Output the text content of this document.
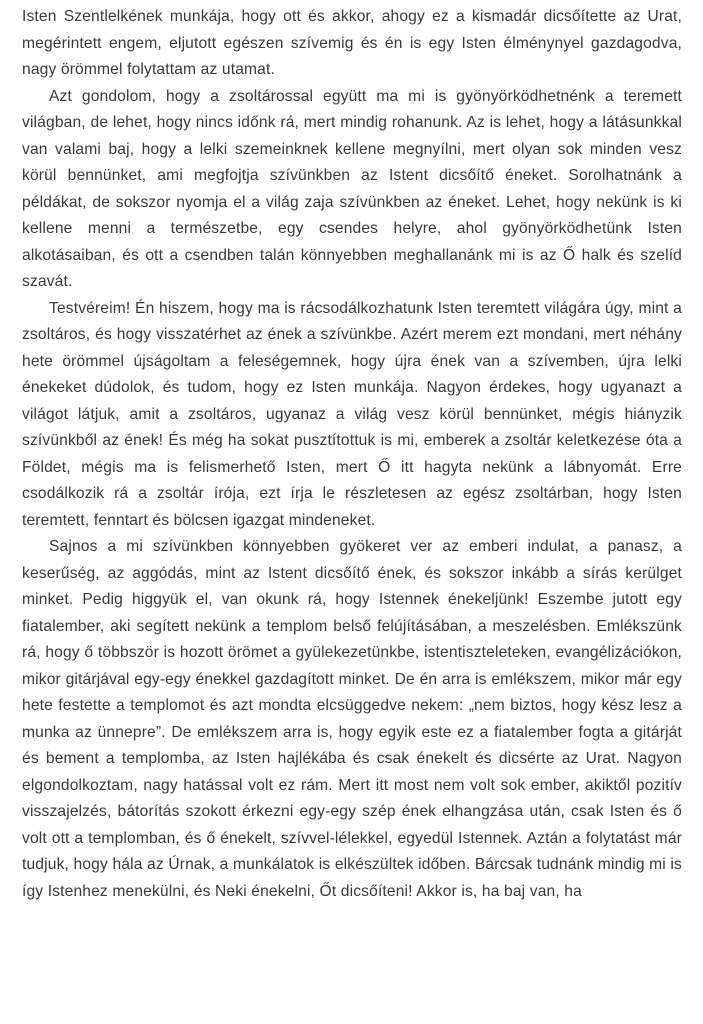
Isten Szentlelkének munkája, hogy ott és akkor, ahogy ez a kismadár dicsőítette az Urat, megérintett engem, eljutott egészen szívemig és én is egy Isten élménynyel gazdagodva, nagy örömmel folytattam az utamat.

Azt gondolom, hogy a zsoltárossal együtt ma mi is gyönyörködhetnénk a teremett világban, de lehet, hogy nincs időnk rá, mert mindig rohanunk. Az is lehet, hogy a látásunkkal van valami baj, hogy a lelki szemeinknek kellene megnyílni, mert olyan sok minden vesz körül bennünket, ami megfojtja szívünkben az Istent dicsőítő éneket. Sorolhatnánk a példákat, de sokszor nyomja el a világ zaja szívünkben az éneket. Lehet, hogy nekünk is ki kellene menni a természetbe, egy csendes helyre, ahol gyönyörködhetünk Isten alkotásaiban, és ott a csendben talán könnyebben meghallanánk mi is az Ő halk és szelíd szavát.

Testvéreim! Én hiszem, hogy ma is rácsodálkozhatunk Isten teremtett világára úgy, mint a zsoltáros, és hogy visszatérhet az ének a szívünkbe. Azért merem ezt mondani, mert néhány hete örömmel újságoltam a feleségemnek, hogy újra ének van a szívemben, újra lelki énekeket dúdolok, és tudom, hogy ez Isten munkája. Nagyon érdekes, hogy ugyanazt a világot látjuk, amit a zsoltáros, ugyanaz a világ vesz körül bennünket, mégis hiányzik szívünkből az ének! És még ha sokat pusztítottuk is mi, emberek a zsoltár keletkezése óta a Földet, mégis ma is felismerhető Isten, mert Ő itt hagyta nekünk a lábnyomát. Erre csodálkozik rá a zsoltár írója, ezt írja le részletesen az egész zsoltárban, hogy Isten teremtett, fenntart és bölcsen igazgat mindeneket.

Sajnos a mi szívünkben könnyebben gyökeret ver az emberi indulat, a panasz, a keserűség, az aggódás, mint az Istent dicsőítő ének, és sokszor inkább a sírás kerülget minket. Pedig higgyük el, van okunk rá, hogy Istennek énekeljünk! Eszembe jutott egy fiatalember, aki segített nekünk a templom belső felújításában, a meszelésben. Emlékszünk rá, hogy ő többször is hozott örömet a gyülekezetünkbe, istentiszteleteken, evangélizációkon, mikor gitárjával egy-egy énekkel gazdagított minket. De én arra is emlékszem, mikor már egy hete festette a templomot és azt mondta elcsüggedve nekem: „nem biztos, hogy kész lesz a munka az ünnepre”. De emlékszem arra is, hogy egyik este ez a fiatalember fogta a gitárját és bement a templomba, az Isten hajlékába és csak énekelt és dicsérte az Urat. Nagyon elgondolkoztam, nagy hatással volt ez rám. Mert itt most nem volt sok ember, akiktől pozitív visszajelzés, bátorítás szokott érkezni egy-egy szép ének elhangzása után, csak Isten és ő volt ott a templomban, és ő énekelt, szívvel-lélekkel, egyedül Istennek. Aztán a folytatást már tudjuk, hogy hála az Úrnak, a munkálatok is elkészültek időben. Bárcsak tudnánk mindig mi is így Istenhez menekülni, és Neki énekelni, Őt dicsőíteni! Akkor is, ha baj van, ha
